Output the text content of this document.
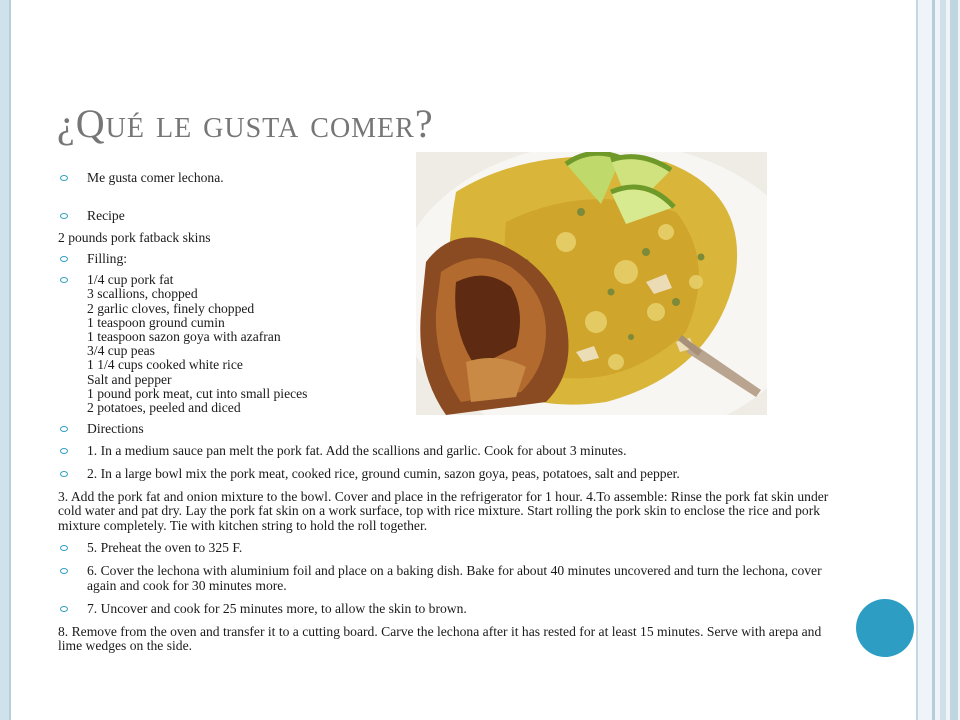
¿Qué le gusta comer?
Me gusta comer lechona.
Recipe
2 pounds pork fatback skins
Filling:
1/4 cup pork fat
3 scallions, chopped
2 garlic cloves, finely chopped
1 teaspoon ground cumin
1 teaspoon sazon goya with azafran
3/4 cup peas
1 1/4 cups cooked white rice
Salt and pepper
1 pound pork meat, cut into small pieces
2 potatoes, peeled and diced
Directions
1. In a medium sauce pan melt the pork fat. Add the scallions and garlic. Cook for about 3 minutes.
2. In a large bowl mix the pork meat, cooked rice, ground cumin, sazon goya, peas, potatoes, salt and pepper.
3. Add the pork fat and onion mixture to the bowl. Cover and place in the refrigerator for 1 hour. 4.To assemble: Rinse the pork fat skin under cold water and pat dry. Lay the pork fat skin on a work surface, top with rice mixture. Start rolling the pork skin to enclose the rice and pork mixture completely. Tie with kitchen string to hold the roll together.
5. Preheat the oven to 325 F.
6. Cover the lechona with aluminium foil and place on a baking dish. Bake for about 40 minutes uncovered and turn the lechona, cover again and cook for 30 minutes more.
7. Uncover and cook for 25 minutes more, to allow the skin to brown.
8. Remove from the oven and transfer it to a cutting board. Carve the lechona after it has rested for at least 15 minutes. Serve with arepa and lime wedges on the side.
